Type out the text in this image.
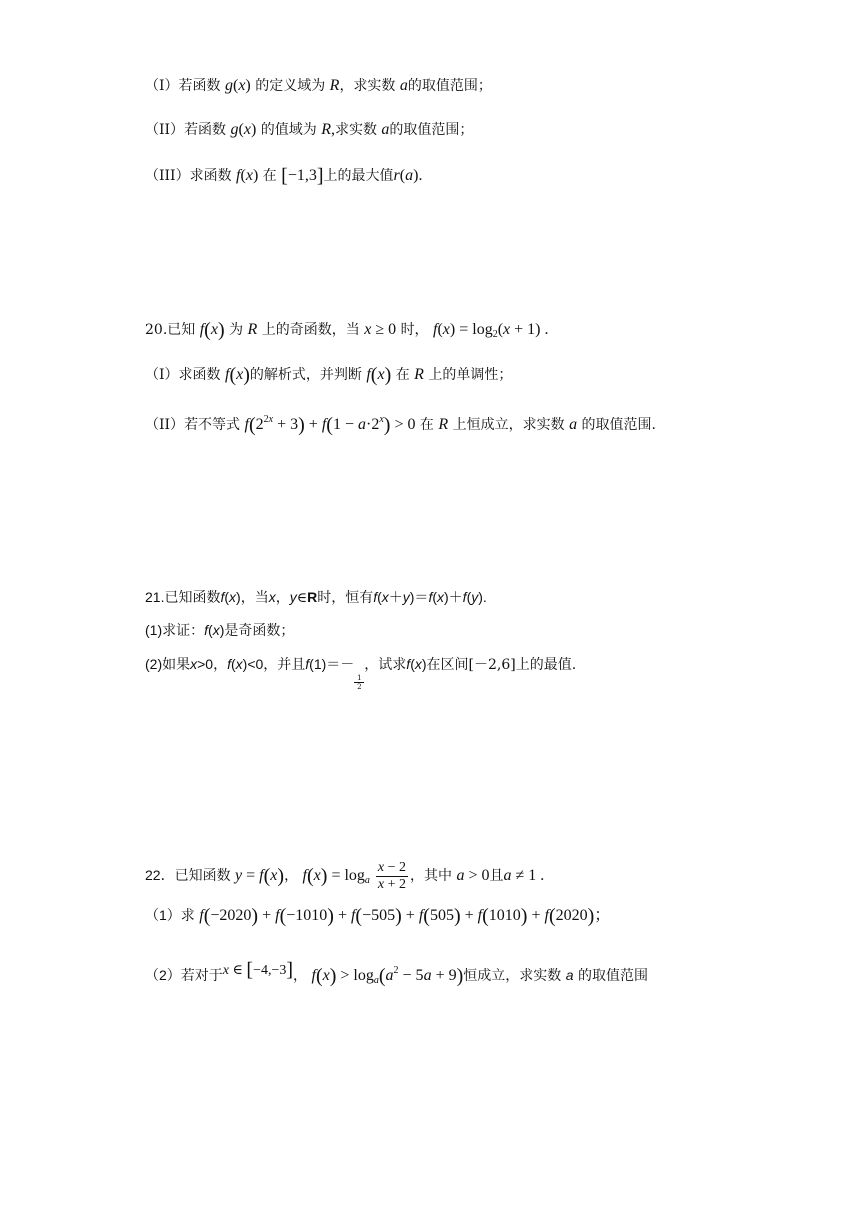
（I）若函数 g(x) 的定义域为 R，求实数 a的取值范围；
（II）若函数 g(x) 的值域为 R,求实数 a的取值范围；
（III）求函数 f(x) 在 [−1,3]上的最大值r(a).
20.已知 f(x) 为 R 上的奇函数，当 x ≥ 0 时， $f(x) = \log_2(x + 1)$ .
（I）求函数 f(x)的解析式，并判断 f(x) 在 R 上的单调性；
（II）若不等式 $f(2^{2x} + 3) + f(1 - a\cdot 2^x) > 0$ 在 R 上恒成立，求实数 a 的取值范围.
21.已知函数f(x)，当x，y∈R时，恒有f(x＋y)＝f(x)＋f(y).
(1)求证：f(x)是奇函数；
(2)如果x>0，f(x)<0，并且f(1)＝－
$\frac{1}{2}$，试求f(x)在区间[－2,6]上的最值.
22．已知函数 y = f(x)， $f(x) = \log_a \frac{x - 2}{x + 2}$ ，其中 a > 0且a ≠ 1 .
（1）求 f(−2020) + f(−1010) + f(−505) + f(505) + f(1010) + f(2020)；
（2）若对于x ∈ [−4,−3]， $f(x) > \log_a(a^2 - 5a + 9)$恒成立，求实数 a 的取值范围
